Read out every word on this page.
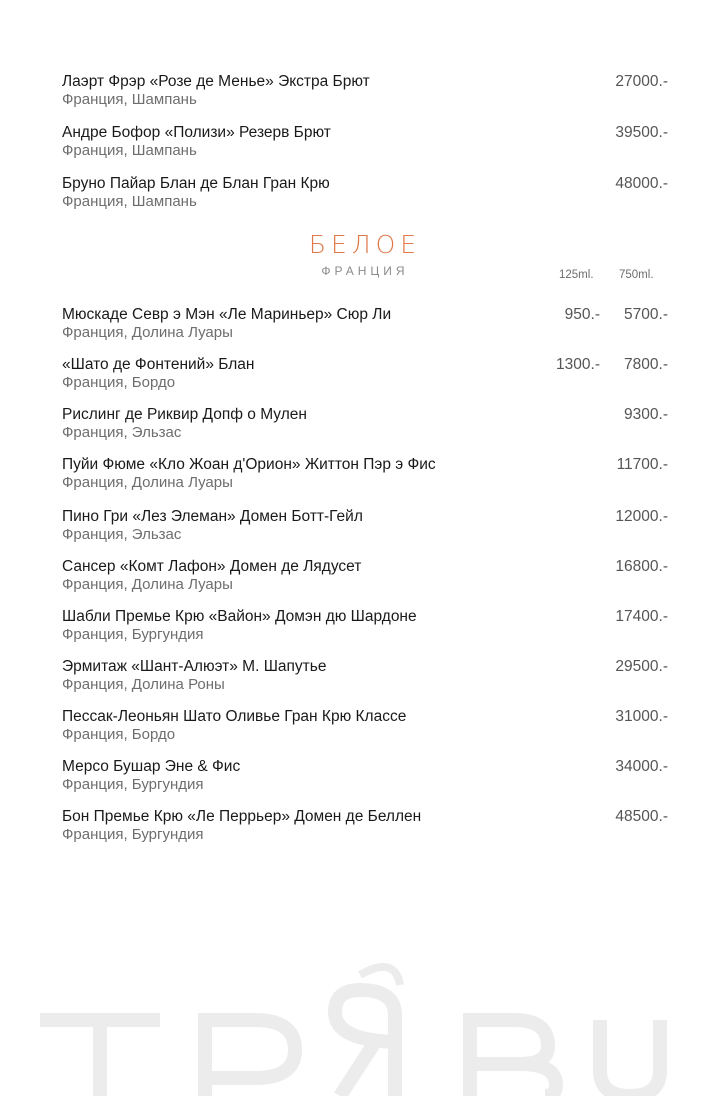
Лаэрт Фрэр «Розе де Менье» Экстра Брют
Франция, Шампань
27000.-
Андре Бофор «Полизи» Резерв Брют
Франция, Шампань
39500.-
Бруно Пайар Блан де Блан Гран Крю
Франция, Шампань
48000.-
БЕЛОЕ
ФРАНЦИЯ	125ml. 750ml.
Мюскаде Севр э Мэн «Ле Мариньер» Сюр Ли
Франция, Долина Луары
950.- 5700.-
«Шато де Фонтений» Блан
Франция, Бордо
1300.- 7800.-
Рислинг де Риквир Допф о Мулен
Франция, Эльзас
9300.-
Пуйи Фюме «Кло Жоан д'Орион» Життон Пэр э Фис
Франция, Долина Луары
11700.-
Пино Гри «Лез Элеман» Домен Ботт-Гейл
Франция, Эльзас
12000.-
Сансер «Комт Лафон» Домен де Лядусет
Франция, Долина Луары
16800.-
Шабли Премье Крю «Вайон» Домэн дю Шардоне
Франция, Бургундия
17400.-
Эрмитаж «Шант-Алюэт» М. Шапутье
Франция, Долина Роны
29500.-
Пессак-Леоньян Шато Оливье Гран Крю Классе
Франция, Бордо
31000.-
Мерсо Бушар Эне & Фис
Франция, Бургундия
34000.-
Бон Премье Крю «Ле Перрьер» Домен де Беллен
Франция, Бургундия
48500.-
